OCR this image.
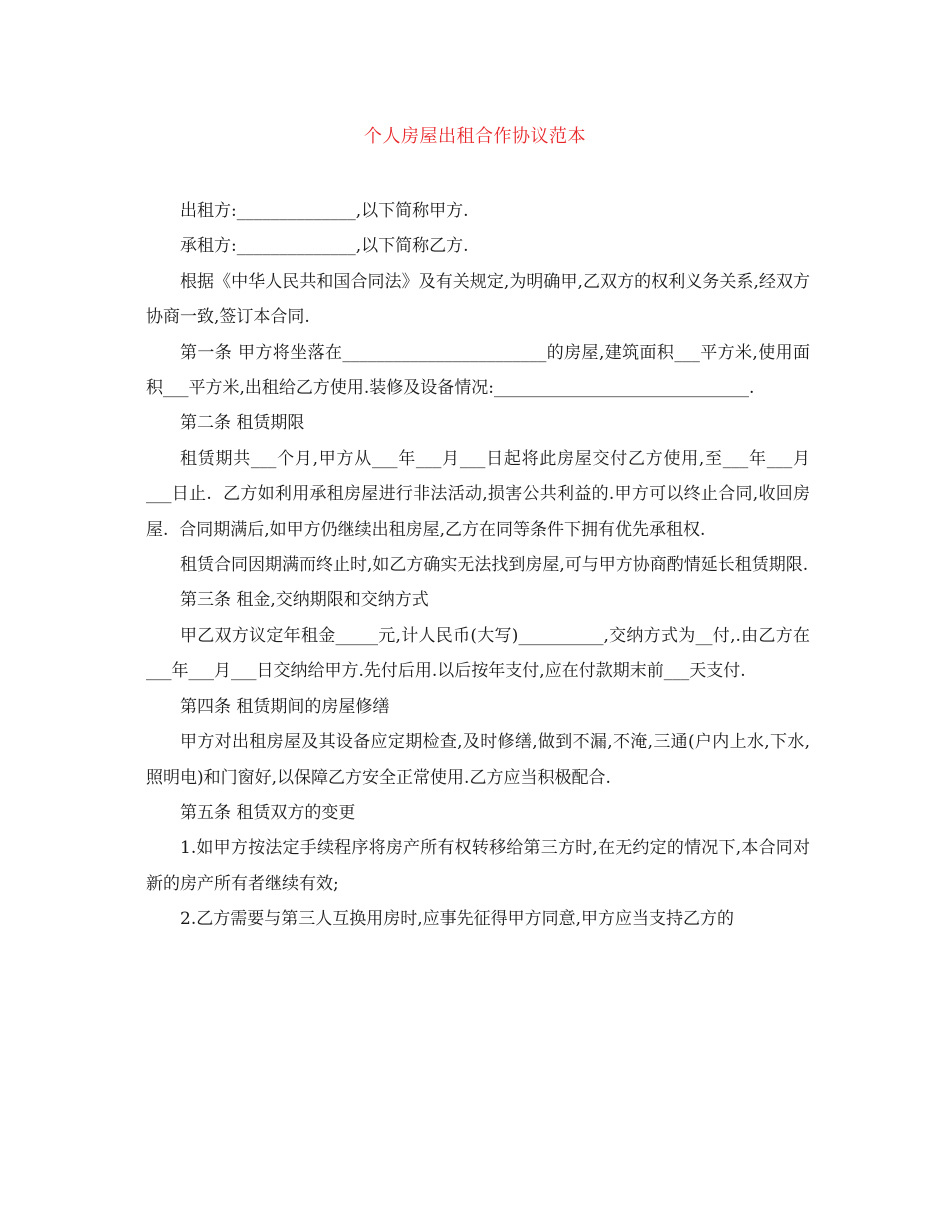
个人房屋出租合作协议范本

出租方:______________,以下简称甲方.

承租方:______________,以下简称乙方.

根据《中华人民共和国合同法》及有关规定,为明确甲,乙双方的权利义务关系,经双方协商一致,签订本合同.

第一条 甲方将坐落在________________________的房屋,建筑面积___平方米,使用面积___平方米,出租给乙方使用.装修及设备情况:______________________________.

第二条 租赁期限

租赁期共___个月,甲方从___年___月___日起将此房屋交付乙方使用,至___年___月___日止.  乙方如利用承租房屋进行非法活动,损害公共利益的.甲方可以终止合同,收回房屋.  合同期满后,如甲方仍继续出租房屋,乙方在同等条件下拥有优先承租权.

租赁合同因期满而终止时,如乙方确实无法找到房屋,可与甲方协商酌情延长租赁期限.

第三条 租金,交纳期限和交纳方式

甲乙双方议定年租金_____元,计人民币(大写)__________,交纳方式为__付,.由乙方在___年___月___日交纳给甲方.先付后用.以后按年支付,应在付款期末前___天支付.

第四条 租赁期间的房屋修缮

甲方对出租房屋及其设备应定期检查,及时修缮,做到不漏,不淹,三通(户内上水,下水,照明电)和门窗好,以保障乙方安全正常使用.乙方应当积极配合.

第五条 租赁双方的变更

1.如甲方按法定手续程序将房产所有权转移给第三方时,在无约定的情况下,本合同对新的房产所有者继续有效;

2.乙方需要与第三人互换用房时,应事先征得甲方同意,甲方应当支持乙方的
